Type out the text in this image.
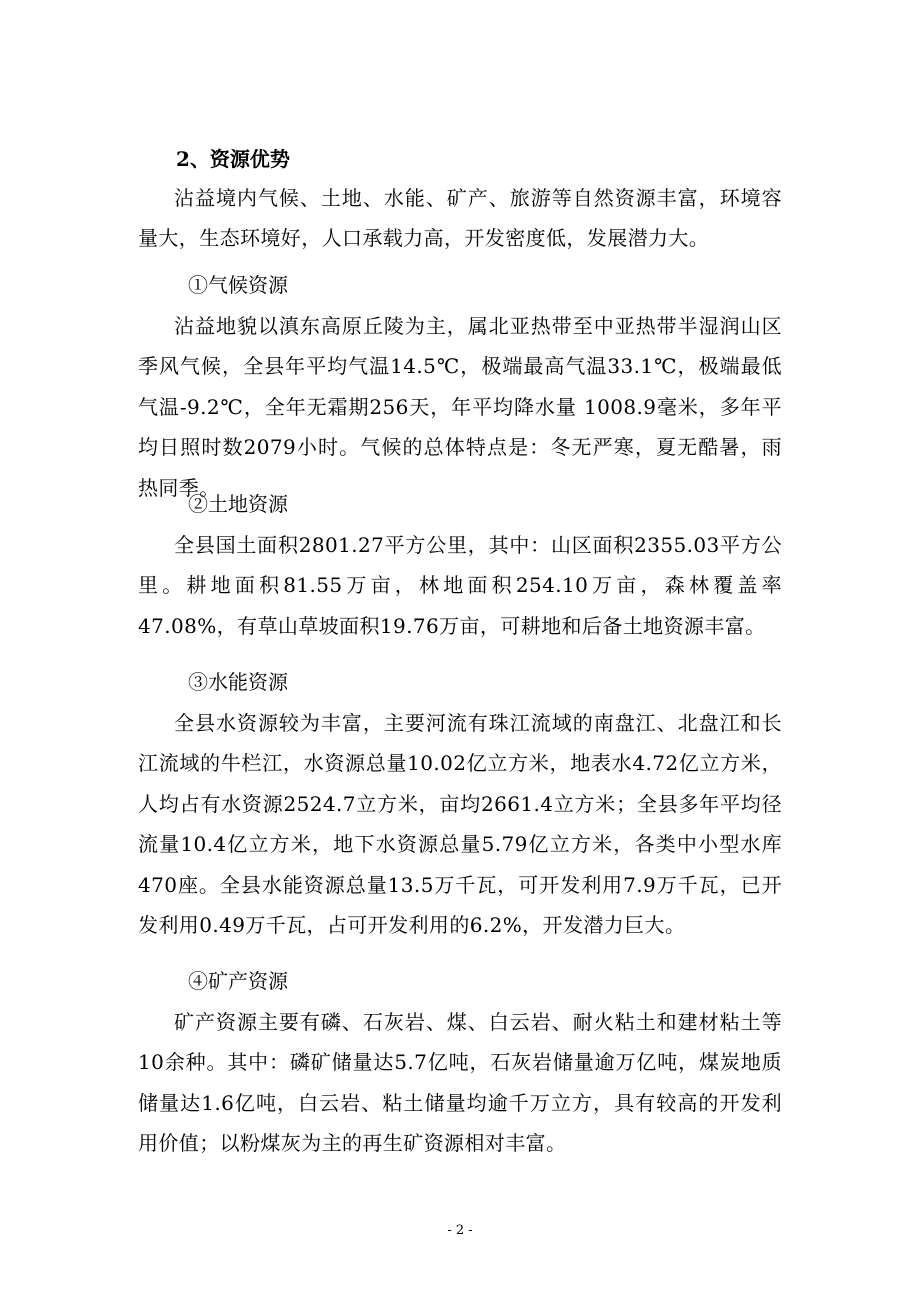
2、资源优势

沾益境内气候、土地、水能、矿产、旅游等自然资源丰富，环境容量大，生态环境好，人口承载力高，开发密度低，发展潜力大。

①气候资源

沾益地貌以滇东高原丘陵为主，属北亚热带至中亚热带半湿润山区季风气候，全县年平均气温14.5℃，极端最高气温33.1℃，极端最低气温-9.2℃，全年无霜期256天，年平均降水量 1008.9毫米，多年平均日照时数2079小时。气候的总体特点是：冬无严寒，夏无酷暑，雨热同季。

②土地资源

全县国土面积2801.27平方公里，其中：山区面积2355.03平方公里。耕地面积81.55万亩，林地面积254.10万亩，森林覆盖率47.08%，有草山草坡面积19.76万亩，可耕地和后备土地资源丰富。

③水能资源

全县水资源较为丰富，主要河流有珠江流域的南盘江、北盘江和长江流域的牛栏江，水资源总量10.02亿立方米，地表水4.72亿立方米，人均占有水资源2524.7立方米，亩均2661.4立方米；全县多年平均径流量10.4亿立方米，地下水资源总量5.79亿立方米，各类中小型水库470座。全县水能资源总量13.5万千瓦，可开发利用7.9万千瓦，已开发利用0.49万千瓦，占可开发利用的6.2%，开发潜力巨大。

④矿产资源

矿产资源主要有磷、石灰岩、煤、白云岩、耐火粘土和建材粘土等10余种。其中：磷矿储量达5.7亿吨，石灰岩储量逾万亿吨，煤炭地质储量达1.6亿吨，白云岩、粘土储量均逾千万立方，具有较高的开发利用价值；以粉煤灰为主的再生矿资源相对丰富。

- 2 -
